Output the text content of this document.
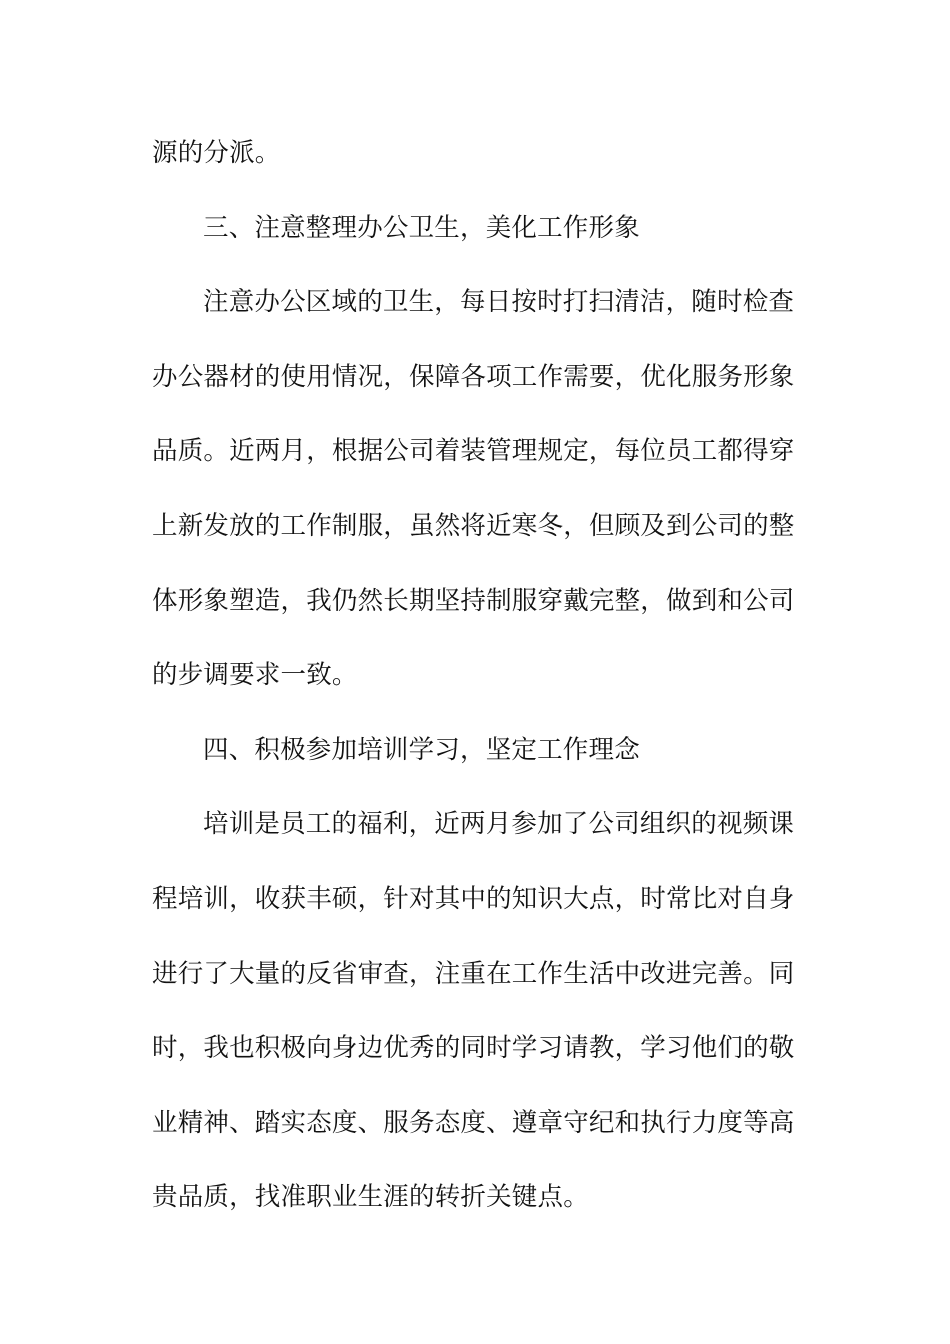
源的分派。
三、注意整理办公卫生，美化工作形象
注意办公区域的卫生，每日按时打扫清洁，随时检查
办公器材的使用情况，保障各项工作需要，优化服务形象
品质。近两月，根据公司着装管理规定，每位员工都得穿
上新发放的工作制服，虽然将近寒冬，但顾及到公司的整
体形象塑造，我仍然长期坚持制服穿戴完整，做到和公司
的步调要求一致。
四、积极参加培训学习，坚定工作理念
培训是员工的福利，近两月参加了公司组织的视频课
程培训，收获丰硕，针对其中的知识大点，时常比对自身
进行了大量的反省审查，注重在工作生活中改进完善。同
时，我也积极向身边优秀的同时学习请教，学习他们的敬
业精神、踏实态度、服务态度、遵章守纪和执行力度等高
贵品质，找准职业生涯的转折关键点。
